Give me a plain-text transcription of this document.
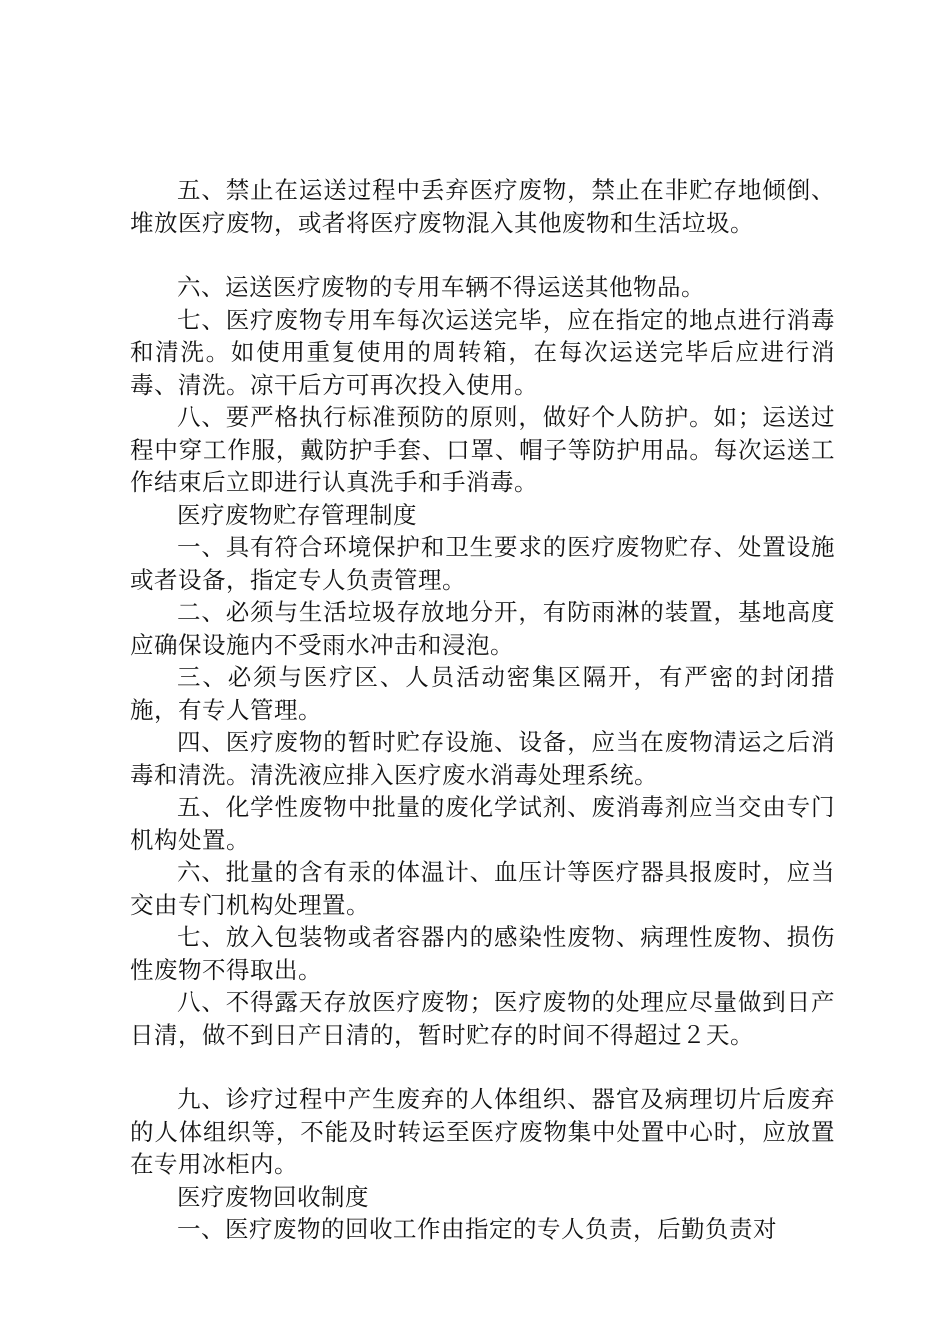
五、禁止在运送过程中丢弃医疗废物，禁止在非贮存地倾倒、堆放医疗废物，或者将医疗废物混入其他废物和生活垃圾。

六、运送医疗废物的专用车辆不得运送其他物品。

七、医疗废物专用车每次运送完毕，应在指定的地点进行消毒和清洗。如使用重复使用的周转箱，在每次运送完毕后应进行消毒、清洗。凉干后方可再次投入使用。

八、要严格执行标准预防的原则，做好个人防护。如；运送过程中穿工作服，戴防护手套、口罩、帽子等防护用品。每次运送工作结束后立即进行认真洗手和手消毒。

医疗废物贮存管理制度

一、具有符合环境保护和卫生要求的医疗废物贮存、处置设施或者设备，指定专人负责管理。

二、必须与生活垃圾存放地分开，有防雨淋的装置，基地高度应确保设施内不受雨水冲击和浸泡。

三、必须与医疗区、人员活动密集区隔开，有严密的封闭措施，有专人管理。

四、医疗废物的暂时贮存设施、设备，应当在废物清运之后消毒和清洗。清洗液应排入医疗废水消毒处理系统。

五、化学性废物中批量的废化学试剂、废消毒剂应当交由专门机构处置。

六、批量的含有汞的体温计、血压计等医疗器具报废时，应当交由专门机构处理置。

七、放入包装物或者容器内的感染性废物、病理性废物、损伤性废物不得取出。

八、不得露天存放医疗废物；医疗废物的处理应尽量做到日产日清，做不到日产日清的，暂时贮存的时间不得超过２天。

九、诊疗过程中产生废弃的人体组织、器官及病理切片后废弃的人体组织等，不能及时转运至医疗废物集中处置中心时，应放置在专用冰柜内。

医疗废物回收制度

一、医疗废物的回收工作由指定的专人负责，后勤负责对
